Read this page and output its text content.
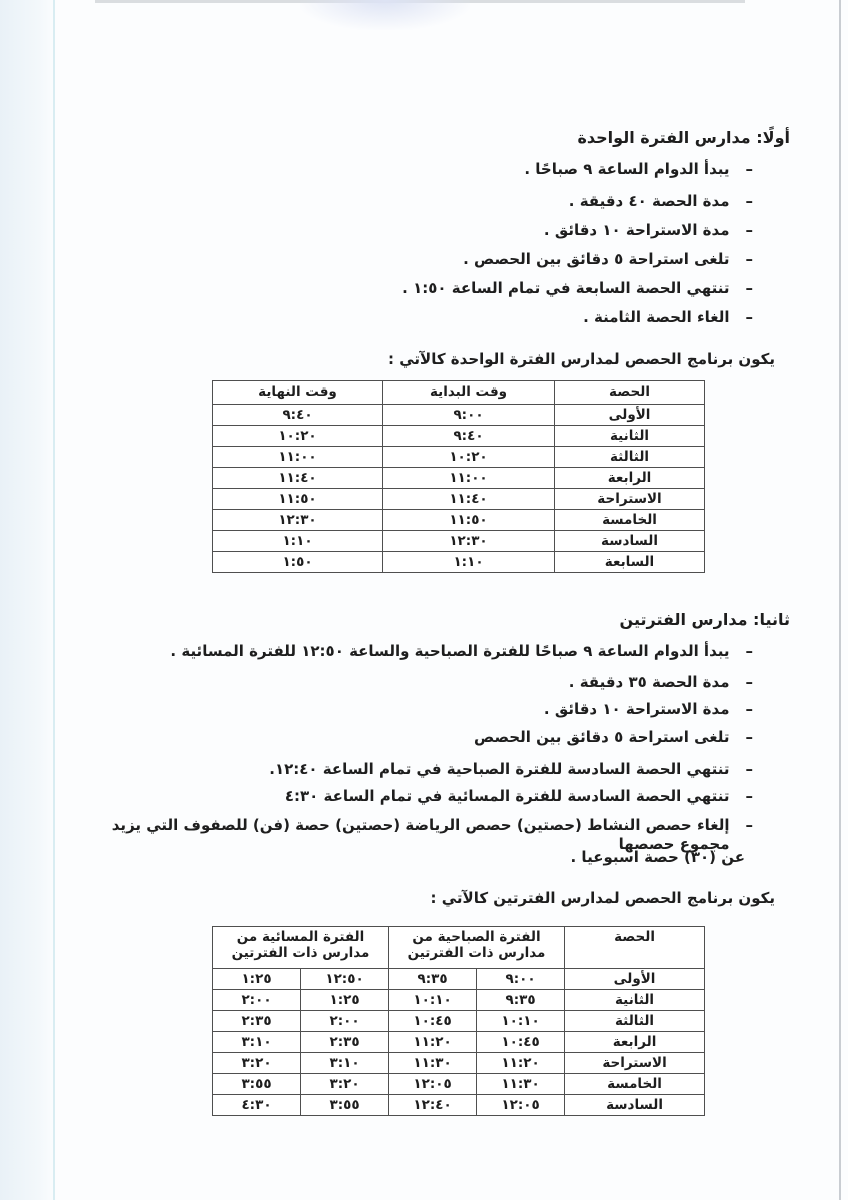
أولًا: مدارس الفترة الواحدة
–
يبدأ الدوام الساعة ٩ صباحًا .
–
مدة الحصة ٤٠ دقيقة .
–
مدة الاستراحة ١٠ دقائق .
–
تلغى استراحة ٥ دقائق بين الحصص .
–
تنتهي الحصة السابعة في تمام الساعة ١:٥٠ .
–
الغاء الحصة الثامنة .
يكون برنامج الحصص لمدارس الفترة الواحدة كالآتي :
الحصة	وقت البداية	وقت النهاية
الأولى	٩:٠٠	٩:٤٠
الثانية	٩:٤٠	١٠:٢٠
الثالثة	١٠:٢٠	١١:٠٠
الرابعة	١١:٠٠	١١:٤٠
الاستراحة	١١:٤٠	١١:٥٠
الخامسة	١١:٥٠	١٢:٣٠
السادسة	١٢:٣٠	١:١٠
السابعة	١:١٠	١:٥٠
ثانيا: مدارس الفترتين
–
يبدأ الدوام الساعة ٩ صباحًا للفترة الصباحية والساعة ١٢:٥٠ للفترة المسائية .
–
مدة الحصة ٣٥ دقيقة .
–
مدة الاستراحة ١٠ دقائق .
–
تلغى استراحة ٥ دقائق بين الحصص
–
تنتهي الحصة السادسة للفترة الصباحية في تمام الساعة ١٢:٤٠.
–
تنتهي الحصة السادسة للفترة المسائية في تمام الساعة ٤:٣٠
–
إلغاء حصص النشاط (حصتين) حصص الرياضة (حصتين) حصة (فن) للصفوف التي يزيد مجموع حصصها
عن (٣٠) حصة اسبوعيا .
يكون برنامج الحصص لمدارس الفترتين كالآتي :
الحصة	الفترة الصباحية من مدارس ذات الفترتين		الفترة المسائية من مدارس ذات الفترتين	
الأولى	٩:٠٠	٩:٣٥	١٢:٥٠	١:٢٥
الثانية	٩:٣٥	١٠:١٠	١:٢٥	٢:٠٠
الثالثة	١٠:١٠	١٠:٤٥	٢:٠٠	٢:٣٥
الرابعة	١٠:٤٥	١١:٢٠	٢:٣٥	٣:١٠
الاستراحة	١١:٢٠	١١:٣٠	٣:١٠	٣:٢٠
الخامسة	١١:٣٠	١٢:٠٥	٣:٢٠	٣:٥٥
السادسة	١٢:٠٥	١٢:٤٠	٣:٥٥	٤:٣٠
